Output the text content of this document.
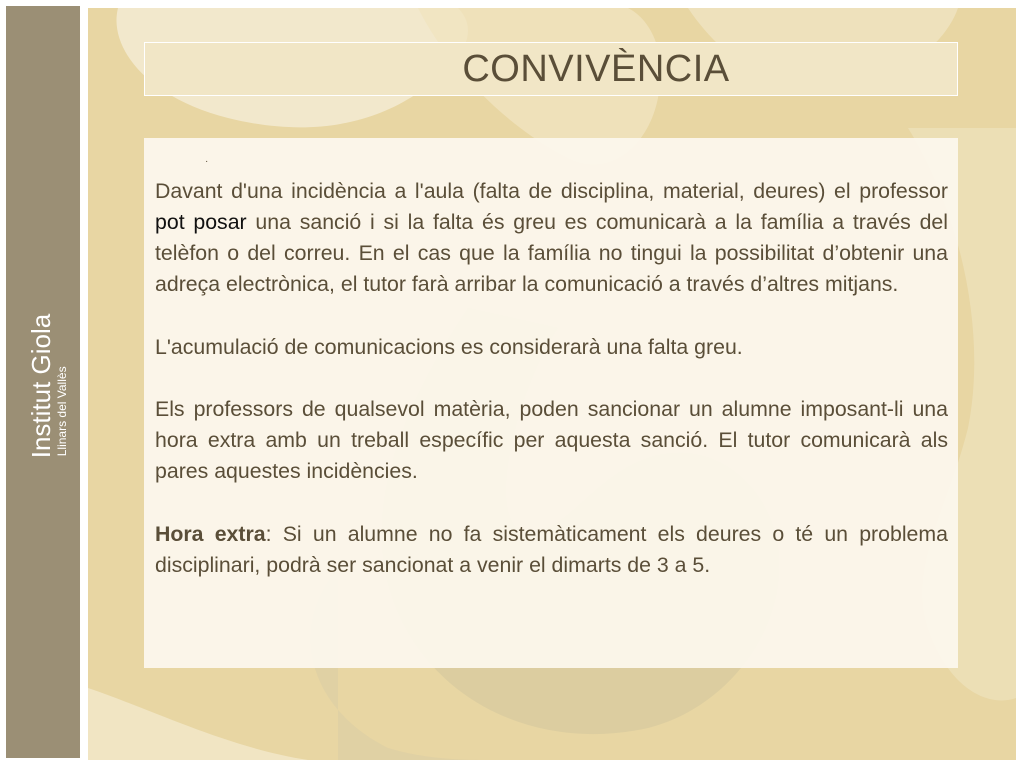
Institut Giola Llinars del Vallès
CONVIVÈNCIA
·

Davant d'una incidència a l'aula (falta de disciplina, material, deures) el professor pot posar una sanció i si la falta és greu es comunicarà a la família a través del telèfon o del correu. En el cas que la família no tingui la possibilitat d’obtenir una adreça electrònica, el tutor farà arribar la comunicació a través d’altres mitjans.

L'acumulació de comunicacions es considerarà una falta greu.

Els professors de qualsevol matèria, poden sancionar un alumne imposant-li una hora extra amb un treball específic per aquesta sanció. El tutor comunicarà als pares aquestes incidències.

Hora extra: Si un alumne no fa sistemàticament els deures o té un problema disciplinari, podrà ser sancionat a venir el dimarts de 3 a 5.
